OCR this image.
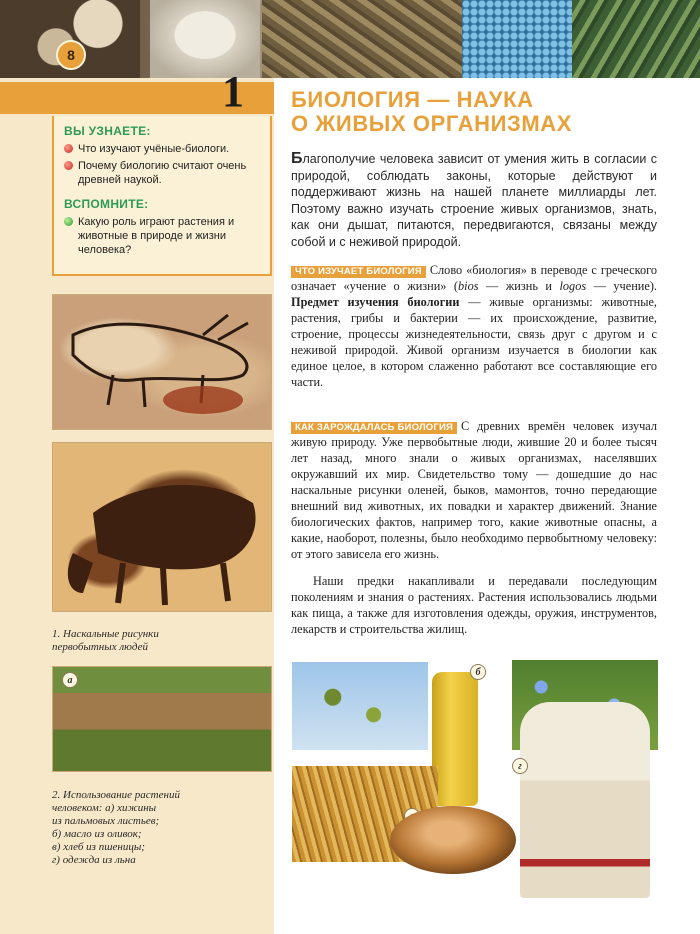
8
1
ВЫ УЗНАЕТЕ:
Что изучают учёные-биологи.
Почему биологию считают очень древней наукой.
ВСПОМНИТЕ:
Какую роль играют растения и животные в природе и жизни человека?
1. Наскальные рисунки
первобытных людей
а
2. Использование растений
человеком: а) хижины
из пальмовых листьев;
б) масло из оливок;
в) хлеб из пшеницы;
г) одежда из льна
БИОЛОГИЯ — НАУКА
О ЖИВЫХ ОРГАНИЗМАХ
Благополучие человека зависит от умения жить в согласии с природой, соблюдать законы, которые действуют и поддерживают жизнь на нашей планете миллиарды лет. Поэтому важно изучать строение живых организмов, знать, как они дышат, питаются, передвигаются, связаны между собой и с неживой природой.
ЧТО ИЗУЧАЕТ БИОЛОГИЯ Слово «биология» в переводе с греческого означает «учение о жизни» (bios — жизнь и logos — учение). Предмет изучения биологии — живые организмы: животные, растения, грибы и бактерии — их происхождение, развитие, строение, процессы жизнедеятельности, связь друг с другом и с неживой природой. Живой организм изучается в биологии как единое целое, в котором слаженно работают все составляющие его части.
КАК ЗАРОЖДАЛАСЬ БИОЛОГИЯ С древних времён человек изучал живую природу. Уже первобытные люди, жившие 20 и более тысяч лет назад, много знали о живых организмах, населявших окружавший их мир. Свидетельство тому — дошедшие до нас наскальные рисунки оленей, быков, мамонтов, точно передающие внешний вид животных, их повадки и характер движений. Знание биологических фактов, например того, какие животные опасны, а какие, наоборот, полезны, было необходимо первобытному человеку: от этого зависела его жизнь.
Наши предки накапливали и передавали последующим поколениям и знания о растениях. Растения использовались людьми как пища, а также для изготовления одежды, оружия, инструментов, лекарств и строительства жилищ.
б
г
